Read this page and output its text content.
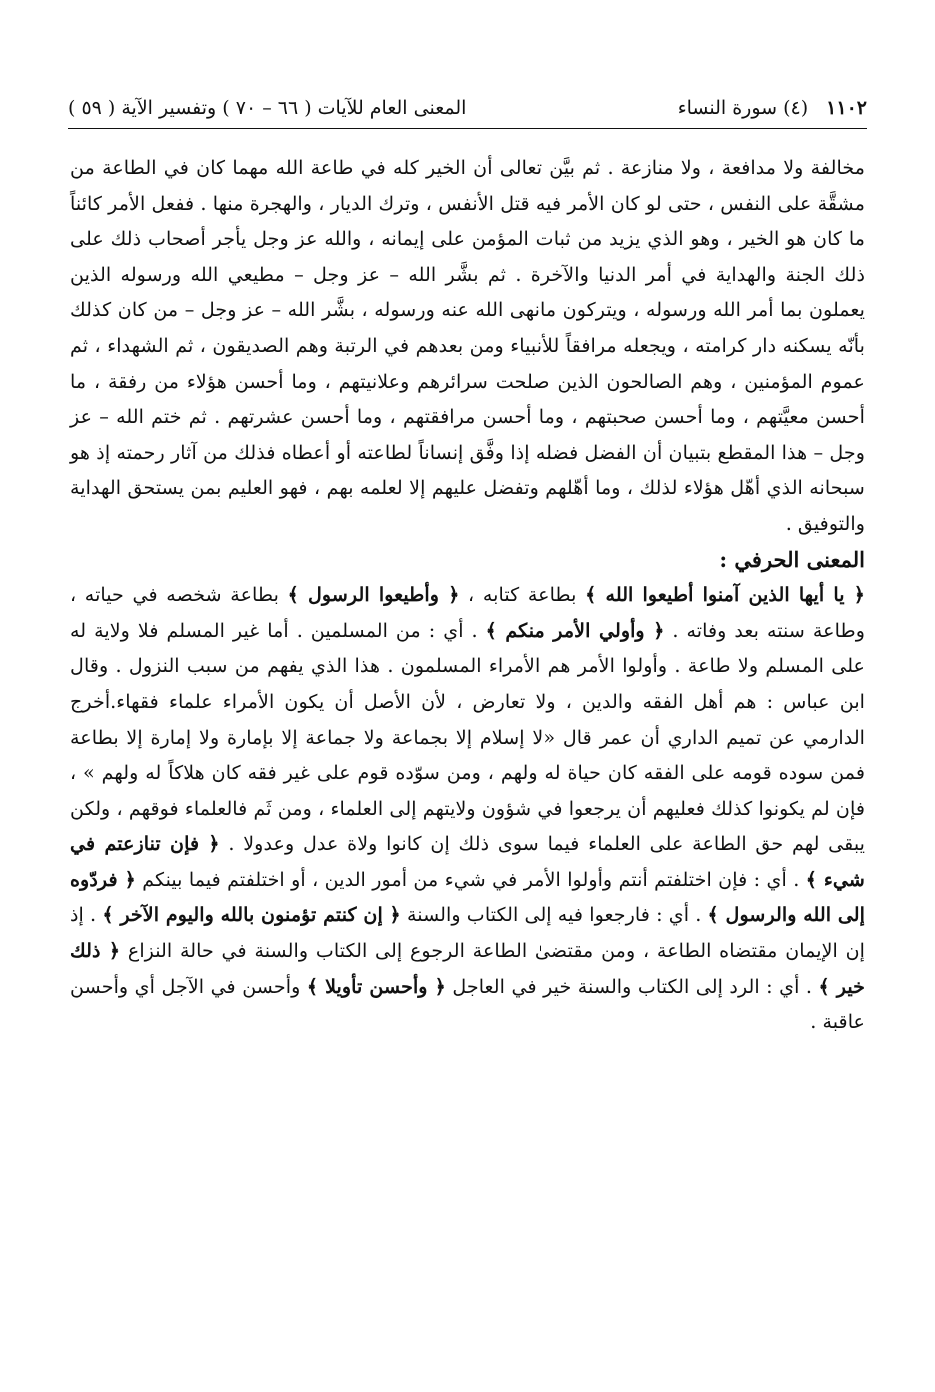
١١٠٢
(٤) سورة النساء
المعنى العام للآيات ( ٦٦ – ٧٠ ) وتفسير الآية ( ٥٩ )

مخالفة ولا مدافعة ، ولا منازعة . ثم بيَّن تعالى أن الخير كله في طاعة الله مهما كان في الطاعة من مشقَّة على النفس ، حتى لو كان الأمر فيه قتل الأنفس ، وترك الديار ، والهجرة منها . ففعل الأمر كائناً ما كان هو الخير ، وهو الذي يزيد من ثبات المؤمن على إيمانه ، والله عز وجل يأجر أصحاب ذلك على ذلك الجنة والهداية في أمر الدنيا والآخرة . ثم بشَّر الله – عز وجل – مطيعي الله ورسوله الذين يعملون بما أمر الله ورسوله ، ويتركون مانهى الله عنه ورسوله ، بشَّر الله – عز وجل – من كان كذلك بأنّه يسكنه دار كرامته ، ويجعله مرافقاً للأنبياء ومن بعدهم في الرتبة وهم الصديقون ، ثم الشهداء ، ثم عموم المؤمنين ، وهم الصالحون الذين صلحت سرائرهم وعلانيتهم ، وما أحسن هؤلاء من رفقة ، ما أحسن معيَّتهم ، وما أحسن صحبتهم ، وما أحسن مرافقتهم ، وما أحسن عشرتهم . ثم ختم الله – عز وجل – هذا المقطع بتبيان أن الفضل فضله إذا وفَّق إنساناً لطاعته أو أعطاه فذلك من آثار رحمته إذ هو سبحانه الذي أهّل هؤلاء لذلك ، وما أهّلهم وتفضل عليهم إلا لعلمه بهم ، فهو العليم بمن يستحق الهداية والتوفيق .

المعنى الحرفي :

﴿ يا أيها الذين آمنوا أطيعوا الله ﴾ بطاعة كتابه ، ﴿ وأطيعوا الرسول ﴾ بطاعة شخصه في حياته ، وطاعة سنته بعد وفاته . ﴿ وأولي الأمر منكم ﴾ . أي : من المسلمين . أما غير المسلم فلا ولاية له على المسلم ولا طاعة . وأولوا الأمر هم الأمراء المسلمون . هذا الذي يفهم من سبب النزول . وقال ابن عباس : هم أهل الفقه والدين ، ولا تعارض ، لأن الأصل أن يكون الأمراء علماء فقهاء.أخرج الدارمي عن تميم الداري أن عمر قال «لا إسلام إلا بجماعة ولا جماعة إلا بإمارة ولا إمارة إلا بطاعة فمن سوده قومه على الفقه كان حياة له ولهم ، ومن سوّده قوم على غير فقه كان هلاكاً له ولهم » ، فإن لم يكونوا كذلك فعليهم أن يرجعوا في شؤون ولايتهم إلى العلماء ، ومن ثَم فالعلماء فوقهم ، ولكن يبقى لهم حق الطاعة على العلماء فيما سوى ذلك إن كانوا ولاة عدل وعدولا . ﴿ فإن تنازعتم في شيء ﴾ . أي : فإن اختلفتم أنتم وأولوا الأمر في شيء من أمور الدين ، أو اختلفتم فيما بينكم ﴿ فردّوه إلى الله والرسول ﴾ . أي : فارجعوا فيه إلى الكتاب والسنة ﴿ إن كنتم تؤمنون بالله واليوم الآخر ﴾ . إذ إن الإيمان مقتضاه الطاعة ، ومن مقتضىٰ الطاعة الرجوع إلى الكتاب والسنة في حالة النزاع ﴿ ذلك خير ﴾ . أي : الرد إلى الكتاب والسنة خير في العاجل ﴿ وأحسن تأويلا ﴾ وأحسن في الآجل أي وأحسن عاقبة .
